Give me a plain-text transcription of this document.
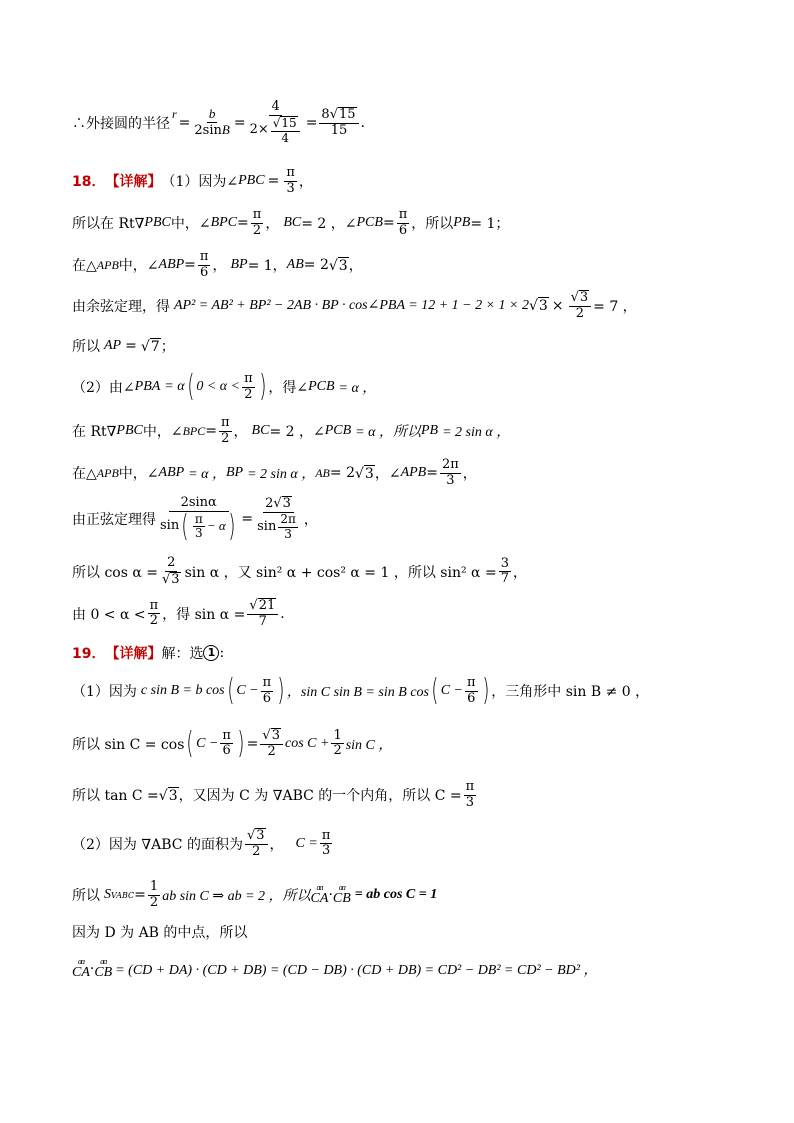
∴外接圆的半径
r
= $\frac{b}{2\sin B} = \frac{4}{2\times \frac{√ 15}{4}} = \frac{8 √ 15}{15}$ .
18． 【详解】 （1）因为∠ PBC = $\frac{\pi}{3}$ ，
所以在 Rt∇ PBC 中，∠ BPC = $\frac{\pi}{2}$ ， BC = 2 ，∠ PCB = $\frac{\pi}{6}$ ，所以 PB = 1；
在△ APB 中，∠ ABP = $\frac{\pi}{6}$ ， BP = 1， AB = 2 √ 3 ，
由余弦定理，得 AP² = AB² + BP² − 2AB · BP · cos∠PBA = 12 + 1 − 2 × 1 × 2 √ $3 \times \frac{√ 3}{2} = 7$ ，
所以 AP = √ 7 ；
（2）由∠ PBA = α ( $0 < \alpha < \frac{\pi}{2}$ ) ，得∠ PCB = α ，
在 Rt∇ PBC 中，∠ BPC = $\frac{\pi}{2}$ ， BC = 2 ，∠ PCB = α ，所以 PB = 2 sin α ，
在△ APB 中，∠ ABP = α ， BP = 2 sin α ， AB = 2 √ 3 ，∠ APB = $\frac{2\pi}{3}$ ，
由正弦定理得 $\frac{2\sin\alpha}{\sin ( \frac{\pi}{3} - \alpha )} = \frac{2 √ 3}{\sin \frac{2\pi}{3}}$ ，
所以 $\cos \alpha = \frac{2}{√ 3}$ sin α ，又 sin² α + cos² α = 1 ，所以 sin² $\alpha = \frac{3}{7}$ ，
由 $0 < \alpha < \frac{\pi}{2}$ ，得 $\sin \alpha = \frac{√ 21}{7}$ .
19． 【详解】 解：选 1 :
（1）因为 c sin B = b cos ( $C - \frac{\pi}{6}$ ) ，sin C sin B = sin B cos ( $C - \frac{\pi}{6}$ ) ，三角形中 sin B ≠ 0 ，
所以 sin C = cos ( $C - \frac{\pi}{6}$ ) = $\frac{√ 3}{2}$ $\cos C + \frac{1}{2}$ sin C ，
所以 tan C = √ 3 ，又因为 C 为 ∇ABC 的一个内角，所以 $C = \frac{\pi}{3}$
（2）因为 ∇ABC 的面积为 $\frac{√ 3}{2}$ ， $C = \frac{\pi}{3}$
所以 S VABC = $\frac{1}{2}$ ab sin C ⇒ ab = 2 ，所以
ɑɑ
CA · ɑɑ
CB = ab cos C = 1
因为 D 为 AB 的中点，所以
ɑɑ
CA · ɑɑ
CB = (CD + DA) · (CD + DB) = (CD − DB) · (CD + DB) = CD² − DB² = CD² − BD² ，
